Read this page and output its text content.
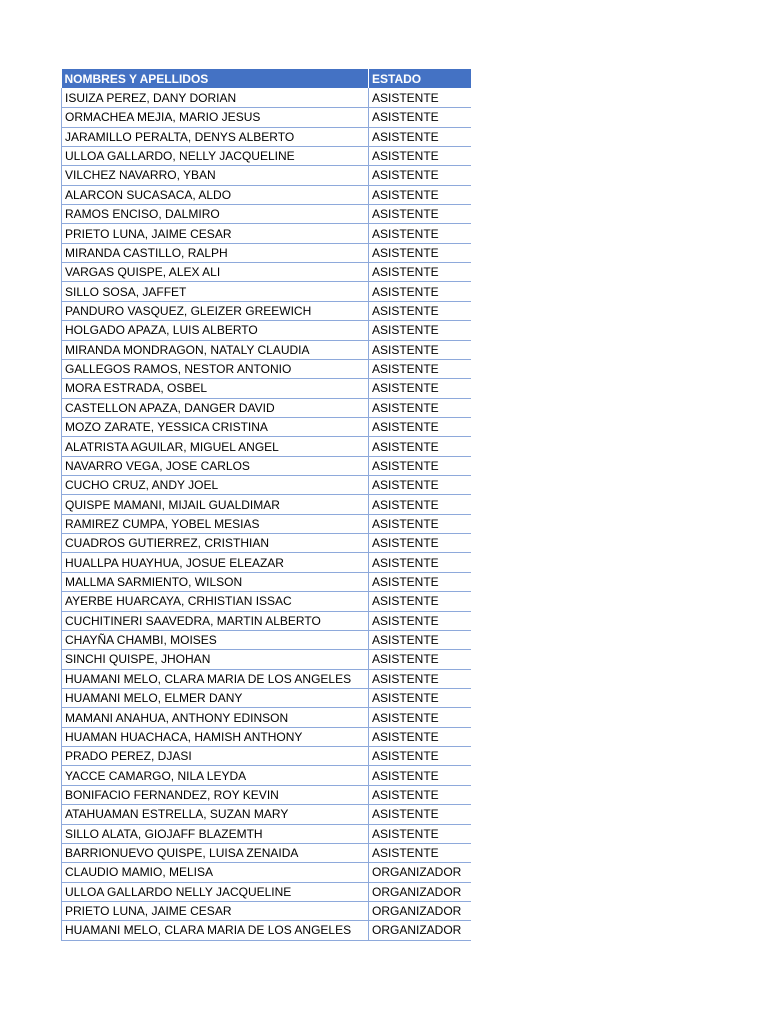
NOMBRES Y APELLIDOS	ESTADO
ISUIZA PEREZ, DANY DORIAN	ASISTENTE
ORMACHEA MEJIA, MARIO JESUS	ASISTENTE
JARAMILLO PERALTA, DENYS ALBERTO	ASISTENTE
ULLOA GALLARDO, NELLY JACQUELINE	ASISTENTE
VILCHEZ NAVARRO, YBAN	ASISTENTE
ALARCON SUCASACA, ALDO	ASISTENTE
RAMOS ENCISO, DALMIRO	ASISTENTE
PRIETO LUNA, JAIME CESAR	ASISTENTE
MIRANDA CASTILLO, RALPH	ASISTENTE
VARGAS QUISPE, ALEX ALI	ASISTENTE
SILLO SOSA, JAFFET	ASISTENTE
PANDURO VASQUEZ, GLEIZER GREEWICH	ASISTENTE
HOLGADO APAZA, LUIS ALBERTO	ASISTENTE
MIRANDA MONDRAGON, NATALY CLAUDIA	ASISTENTE
GALLEGOS RAMOS, NESTOR ANTONIO	ASISTENTE
MORA ESTRADA, OSBEL	ASISTENTE
CASTELLON APAZA, DANGER DAVID	ASISTENTE
MOZO ZARATE, YESSICA CRISTINA	ASISTENTE
ALATRISTA AGUILAR, MIGUEL ANGEL	ASISTENTE
NAVARRO VEGA, JOSE CARLOS	ASISTENTE
CUCHO CRUZ, ANDY JOEL	ASISTENTE
QUISPE MAMANI, MIJAIL GUALDIMAR	ASISTENTE
RAMIREZ CUMPA, YOBEL MESIAS	ASISTENTE
CUADROS GUTIERREZ, CRISTHIAN	ASISTENTE
HUALLPA HUAYHUA, JOSUE ELEAZAR	ASISTENTE
MALLMA SARMIENTO, WILSON	ASISTENTE
AYERBE HUARCAYA, CRHISTIAN ISSAC	ASISTENTE
CUCHITINERI SAAVEDRA, MARTIN ALBERTO	ASISTENTE
CHAYÑA CHAMBI, MOISES	ASISTENTE
SINCHI QUISPE, JHOHAN	ASISTENTE
HUAMANI MELO, CLARA MARIA DE LOS ANGELES	ASISTENTE
HUAMANI MELO, ELMER DANY	ASISTENTE
MAMANI ANAHUA, ANTHONY EDINSON	ASISTENTE
HUAMAN HUACHACA, HAMISH ANTHONY	ASISTENTE
PRADO PEREZ, DJASI	ASISTENTE
YACCE CAMARGO, NILA LEYDA	ASISTENTE
BONIFACIO FERNANDEZ, ROY KEVIN	ASISTENTE
ATAHUAMAN ESTRELLA, SUZAN MARY	ASISTENTE
SILLO ALATA, GIOJAFF BLAZEMTH	ASISTENTE
BARRIONUEVO QUISPE, LUISA ZENAIDA	ASISTENTE
CLAUDIO MAMIO, MELISA	ORGANIZADOR
ULLOA GALLARDO NELLY JACQUELINE	ORGANIZADOR
PRIETO LUNA, JAIME CESAR	ORGANIZADOR
HUAMANI MELO, CLARA MARIA DE LOS ANGELES	ORGANIZADOR
